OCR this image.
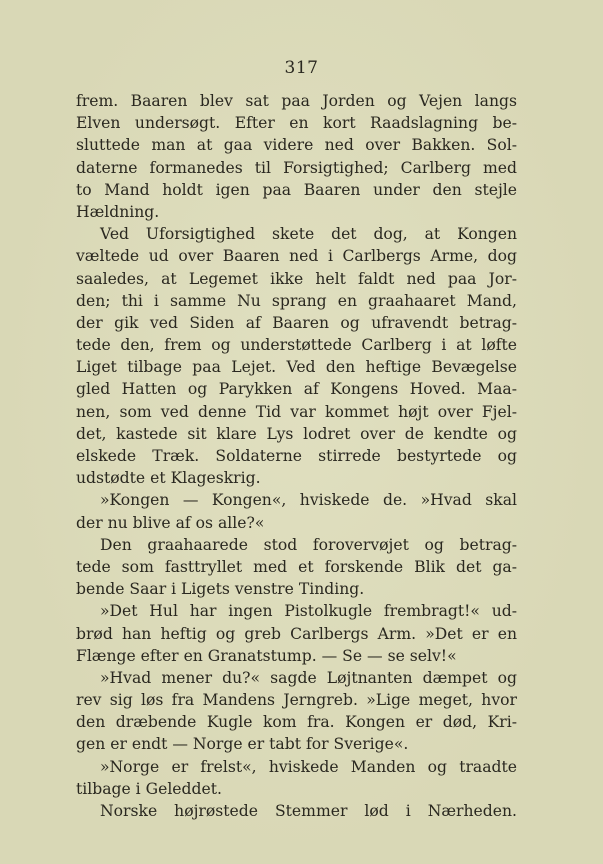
317
frem. Baaren blev sat paa Jorden og Vejen langs
Elven undersøgt. Efter en kort Raadslagning be-
sluttede man at gaa videre ned over Bakken. Sol-
daterne formanedes til Forsigtighed; Carlberg med
to Mand holdt igen paa Baaren under den stejle
Hældning.
Ved Uforsigtighed skete det dog, at Kongen
væltede ud over Baaren ned i Carlbergs Arme, dog
saaledes, at Legemet ikke helt faldt ned paa Jor-
den; thi i samme Nu sprang en graahaaret Mand,
der gik ved Siden af Baaren og ufravendt betrag-
tede den, frem og understøttede Carlberg i at løfte
Liget tilbage paa Lejet. Ved den heftige Bevægelse
gled Hatten og Parykken af Kongens Hoved. Maa-
nen, som ved denne Tid var kommet højt over Fjel-
det, kastede sit klare Lys lodret over de kendte og
elskede Træk. Soldaterne stirrede bestyrtede og
udstødte et Klageskrig.
»Kongen — Kongen«, hviskede de. »Hvad skal
der nu blive af os alle?«
Den graahaarede stod forovervøjet og betrag-
tede som fasttryllet med et forskende Blik det ga-
bende Saar i Ligets venstre Tinding.
»Det Hul har ingen Pistolkugle frembragt!« ud-
brød han heftig og greb Carlbergs Arm. »Det er en
Flænge efter en Granatstump. — Se — se selv!«
»Hvad mener du?« sagde Løjtnanten dæmpet og
rev sig løs fra Mandens Jerngreb. »Lige meget, hvor
den dræbende Kugle kom fra. Kongen er død, Kri-
gen er endt — Norge er tabt for Sverige«.
»Norge er frelst«, hviskede Manden og traadte
tilbage i Geleddet.
Norske højrøstede Stemmer lød i Nærheden.
